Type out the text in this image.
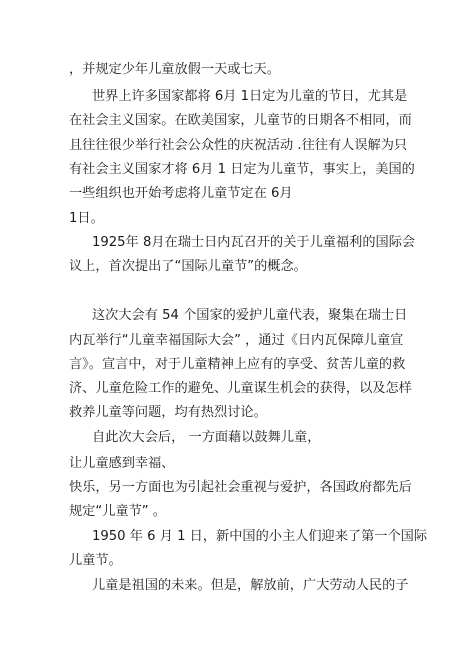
，并规定少年儿童放假一天或七天。
世界上许多国家都将 6月 1日定为儿童的节日，尤其是
在社会主义国家。在欧美国家，儿童节的日期各不相同，而
且往往很少举行社会公众性的庆祝活动 .往往有人误解为只
有社会主义国家才将 6月 1 日定为儿童节，事实上，美国的
一些组织也开始考虑将儿童节定在 6月
1日。
1925年 8月在瑞士日内瓦召开的关于儿童福利的国际会
议上，首次提出了“国际儿童节”的概念。
这次大会有 54 个国家的爱护儿童代表，聚集在瑞士日
内瓦举行“儿童幸福国际大会” ，通过《日内瓦保障儿童宣
言》。宣言中，对于儿童精神上应有的享受、贫苦儿童的救
济、儿童危险工作的避免、儿童谋生机会的获得，以及怎样
救养儿童等问题，均有热烈讨论。
自此次大会后， 一方面藉以鼓舞儿童，
让儿童感到幸福、
快乐，另一方面也为引起社会重视与爱护，各国政府都先后
规定“儿童节” 。
1950 年 6 月 1 日，新中国的小主人们迎来了第一个国际
儿童节。
儿童是祖国的未来。但是，解放前，广大劳动人民的子
